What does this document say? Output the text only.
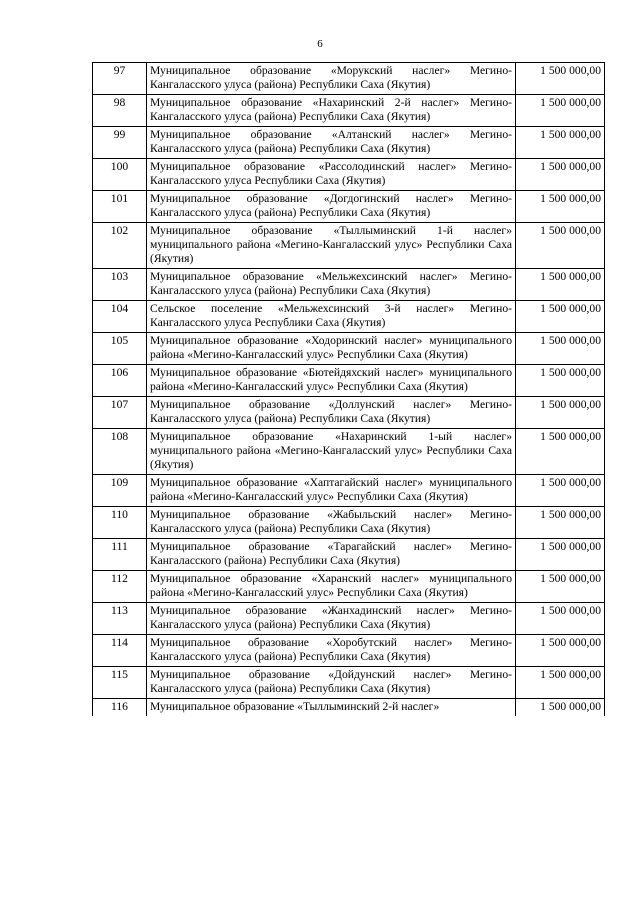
6
97	Муниципальное образование «Морукский наслег» Мегино-Кангаласского улуса (района) Республики Саха (Якутия)	1 500 000,00
98	Муниципальное образование «Нахаринский 2-й наслег» Мегино-Кангаласского улуса (района) Республики Саха (Якутия)	1 500 000,00
99	Муниципальное образование «Алтанский наслег» Мегино-Кангаласского улуса (района) Республики Саха (Якутия)	1 500 000,00
100	Муниципальное образование «Рассолодинский наслег» Мегино-Кангаласского улуса Республики Саха (Якутия)	1 500 000,00
101	Муниципальное образование «Догдогинский наслег» Мегино-Кангаласского улуса (района) Республики Саха (Якутия)	1 500 000,00
102	Муниципальное образование «Тыллыминский 1-й наслег» муниципального района «Мегино-Кангаласский улус» Республики Саха (Якутия)	1 500 000,00
103	Муниципальное образование «Мельжехсинский наслег» Мегино-Кангаласского улуса (района) Республики Саха (Якутия)	1 500 000,00
104	Сельское поселение «Мельжехсинский 3-й наслег» Мегино-Кангаласского улуса Республики Саха (Якутия)	1 500 000,00
105	Муниципальное образование «Ходоринский наслег» муниципального района «Мегино-Кангаласский улус» Республики Саха (Якутия)	1 500 000,00
106	Муниципальное образование «Бютейдяхский наслег» муниципального района «Мегино-Кангаласский улус» Республики Саха (Якутия)	1 500 000,00
107	Муниципальное образование «Доллунский наслег» Мегино-Кангаласского улуса (района) Республики Саха (Якутия)	1 500 000,00
108	Муниципальное образование «Нахаринский 1-ый наслег» муниципального района «Мегино-Кангаласский улус» Республики Саха (Якутия)	1 500 000,00
109	Муниципальное образование «Хаптагайский наслег» муниципального района «Мегино-Кангаласский улус» Республики Саха (Якутия)	1 500 000,00
110	Муниципальное образование «Жабыльский наслег» Мегино-Кангаласского улуса (района) Республики Саха (Якутия)	1 500 000,00
111	Муниципальное образование «Тарагайский наслег» Мегино-Кангаласского (района) Республики Саха (Якутия)	1 500 000,00
112	Муниципальное образование «Харанский наслег» муниципального района «Мегино-Кангаласский улус» Республики Саха (Якутия)	1 500 000,00
113	Муниципальное образование «Жанхадинский наслег» Мегино-Кангаласского улуса (района) Республики Саха (Якутия)	1 500 000,00
114	Муниципальное образование «Хоробутский наслег» Мегино-Кангаласского улуса (района) Республики Саха (Якутия)	1 500 000,00
115	Муниципальное образование «Дойдунский наслег» Мегино-Кангаласского улуса (района) Республики Саха (Якутия)	1 500 000,00
116	Муниципальное образование «Тыллыминский 2-й наслег»	1 500 000,00
